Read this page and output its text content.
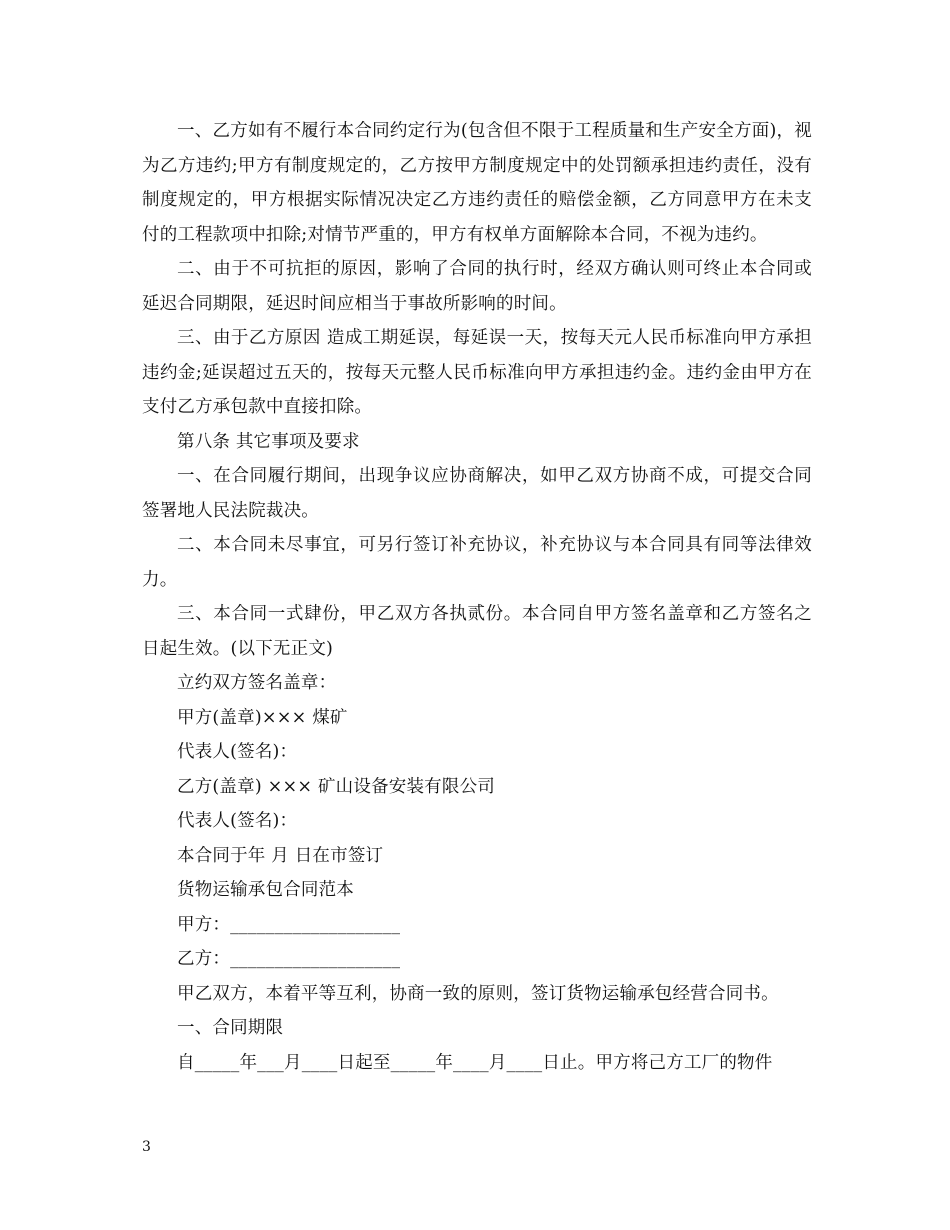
一、乙方如有不履行本合同约定行为(包含但不限于工程质量和生产安全方面)，视为乙方违约;甲方有制度规定的，乙方按甲方制度规定中的处罚额承担违约责任，没有制度规定的，甲方根据实际情况决定乙方违约责任的赔偿金额，乙方同意甲方在未支付的工程款项中扣除;对情节严重的，甲方有权单方面解除本合同，不视为违约。

二、由于不可抗拒的原因，影响了合同的执行时，经双方确认则可终止本合同或延迟合同期限，延迟时间应相当于事故所影响的时间。

三、由于乙方原因 造成工期延误，每延误一天，按每天元人民币标准向甲方承担违约金;延误超过五天的，按每天元整人民币标准向甲方承担违约金。违约金由甲方在支付乙方承包款中直接扣除。

第八条 其它事项及要求

一、在合同履行期间，出现争议应协商解决，如甲乙双方协商不成，可提交合同签署地人民法院裁决。

二、本合同未尽事宜，可另行签订补充协议，补充协议与本合同具有同等法律效力。

三、本合同一式肆份，甲乙双方各执贰份。本合同自甲方签名盖章和乙方签名之日起生效。(以下无正文)

立约双方签名盖章：

甲方(盖章)××× 煤矿

代表人(签名)：

乙方(盖章) ××× 矿山设备安装有限公司

代表人(签名)：

本合同于年 月 日在市签订

货物运输承包合同范本

甲方：___________________

乙方：___________________

甲乙双方，本着平等互利，协商一致的原则，签订货物运输承包经营合同书。

一、合同期限

自_____年___月____日起至_____年____月____日止。甲方将己方工厂的物件

3
